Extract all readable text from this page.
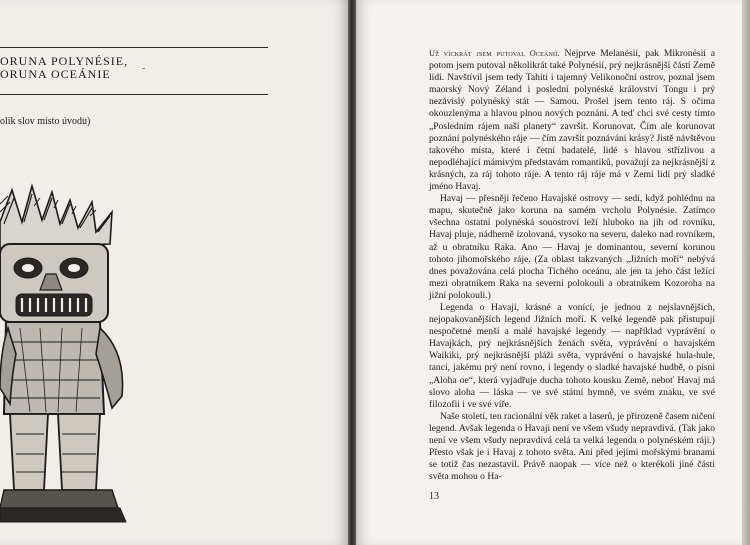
ORUNA POLYNÉSIE,
ORUNA OCEÁNIE	-
olik slov místo úvodu)

Už víckrát jsem putoval Oceánií. Nejprve Melanésií, pak Mikronésií a potom jsem putoval několikrát také Polynésií, prý nejkrásnější částí Země lidí. Navštívil jsem tedy Tahiti i tajemný Velikonoční ostrov, poznal jsem maorský Nový Zéland i poslední polynéské království Tongu i prý nezávislý polynéský stát — Samou. Prošel jsem tento ráj. S očima okouzlenýma a hlavou plnou nových poznání. A teď chci své cesty tímto „Posledním rájem naší planety“ završit. Korunovat. Čím ale korunovat poznání polynéského ráje — čím završit poznávání krásy? Jistě návštěvou takového místa, které i četní badatelé, lidé s hlavou střízlivou a nepodléhající mámivým představám romantiků, považují za nejkrásnější z krásných, za ráj tohoto ráje. A tento ráj ráje má v Zemi lidí prý sladké jméno Havaj.

Havaj — přesněji řečeno Havajské ostrovy — sedí, když pohlédnu na mapu, skutečně jako koruna na samém vrcholu Polynésie. Zatímco všechna ostatní polynéská souostroví leží hluboko na jih od rovníku, Havaj pluje, nádherně izolovaná, vysoko na severu, daleko nad rovníkem, až u obratníku Raka. Ano — Havaj je dominantou, severní korunou tohoto jihomořského ráje. (Za oblast takzvaných „Jižních moří“ nebývá dnes považována celá plocha Tichého oceánu, ale jen ta jeho část ležící mezi obratníkem Raka na severní polokouli a obratníkem Kozoroha na jižní polokouli.)

Legenda o Havaji, krásné a vonící, je jednou z nejslavnějších, nejopakovanějších legend Jižních moří. K velké legendě pak přistupují nespočetné menší a malé havajské legendy — například vyprávění o Havajkách, prý nejkrásnějších ženách světa, vyprávění o havajském Waikiki, prý nejkrásnější pláži světa, vyprávění o havajské hula-hule, tanci, jakému prý není rovno, i legendy o sladké havajské hudbě, o písni „Aloha oe“, která vyjadřuje ducha tohoto kousku Země, neboť Havaj má slovo aloha — láska — ve své státní hymně, ve svém znaku, ve své filozofii i ve své víře.

Naše století, ten racionální věk raket a laserů, je přirozeně časem ničení legend. Avšak legenda o Havaji není ve všem všudy nepravdivá. (Tak jako není ve všem všudy nepravdivá celá ta velká legenda o polynéském ráji.) Přesto však je i Havaj z tohoto světa. Ani před jejími mořskými branami se totiž čas nezastavil. Právě naopak — více než o kterékoli jiné části světa mohou o Ha-

13
